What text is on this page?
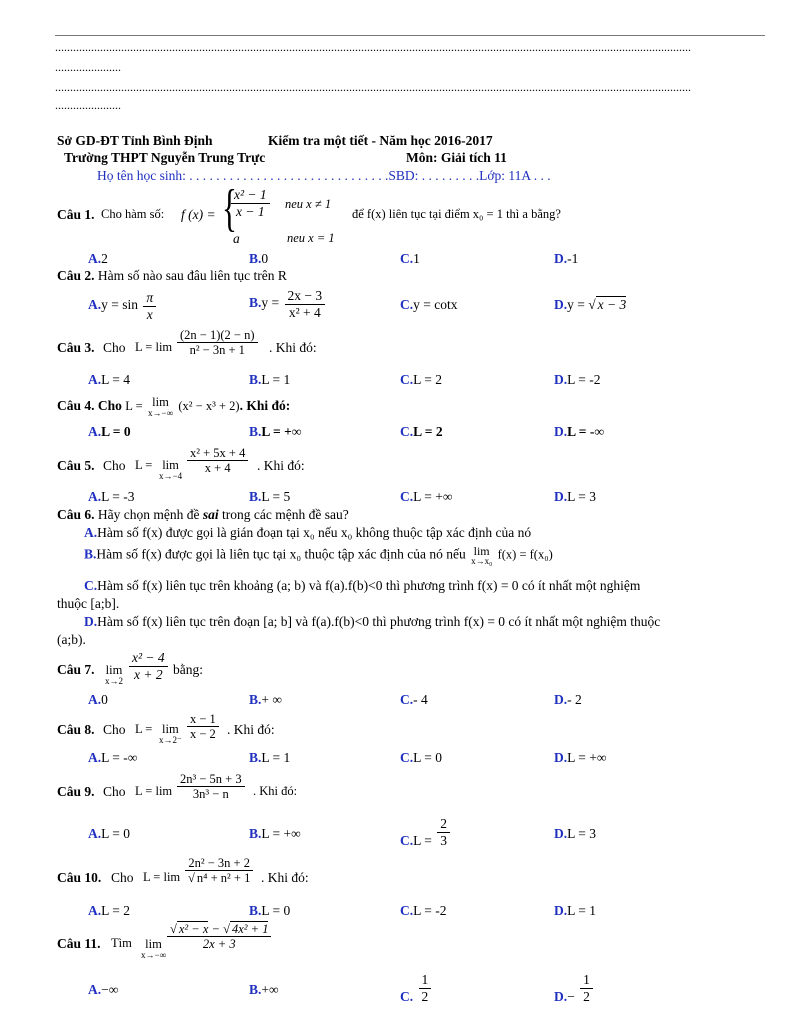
....................................................................................................................................................................................................................
......................
....................................................................................................................................................................................................................
......................
Sở GD-ĐT Tỉnh Bình Định	Kiểm tra một tiết - Năm học 2016-2017
Trường THPT Nguyễn Trung Trực	Môn: Giải tích 11
Họ tên học sinh: . . . . . . . . . . . . . . . . . . . . . . . . . . . . . .SBD: . . . . . . . . .Lớp: 11A . . .
Câu 1. Cho hàm số: f (x) = {
$\frac{\text{x² − 1}}{x - 1}$ neu x ≠ 1
a	neu x = 1
để f(x) liên tục tại điểm x₀ = 1 thì a bằng?
A.2	B.0	C.1	D.-1
Câu 2. Hàm số nào sau đâu liên tục trên R
$A.y = \sin \frac{\pi}{x}$	$B.y = \frac{2x - 3}{\text{x² + 4}}$	C.y = cotx	D.y = √ x − 3
Câu 3. Cho $L = \lim \frac{(2n - 1)(2 - n)}{\text{n² − 3n + 1}}$ . Khi đó:
A.L = 4	B.L = 1	C.L = 2	D.L = -2
Câu 4. Cho L = lim
x→−∞ (x² − x³ + 2). Khi đó:
A.L = 0	B.L = +∞	C.L = 2	D.L = -∞
Câu 5. Cho L = lim
$x\to-4 \frac{\text{x² + 5x + 4}}{x + 4}$ . Khi đó:
A.L = -3	B.L = 5	C.L = +∞	D.L = 3
Câu 6. Hãy chọn mệnh đề sai trong các mệnh đề sau?
A.Hàm số f(x) được gọi là gián đoạn tại x₀ nếu x₀ không thuộc tập xác định của nó
B.Hàm số f(x) được gọi là liên tục tại x₀ thuộc tập xác định của nó nếu lim
x→x₀ f(x) = f(x₀)
C.Hàm số f(x) liên tục trên khoảng (a; b) và f(a).f(b)<0 thì phương trình f(x) = 0 có ít nhất một nghiệm
thuộc [a;b].
D.Hàm số f(x) liên tục trên đoạn [a; b] và f(a).f(b)<0 thì phương trình f(x) = 0 có ít nhất một nghiệm thuộc
(a;b).
Câu 7. lim
$x\to 2 \frac{\text{x² − 4}}{x + 2}$ bằng:
A.0	B.+ ∞	C.- 4	D.- 2
Câu 8. Cho L = lim
$x\to 2^- \frac{x - 1}{x - 2}$ . Khi đó:
A.L = -∞	B.L = 1	C.L = 0	D.L = +∞
Câu 9. Cho $L = \lim \frac{\text{2n³ − 5n + 3}}{\text{3n³ − n}}$ . Khi đó:
A.L = 0	B.L = +∞	$C.L = \frac{2}{3}$	D.L = 3
Câu 10. Cho $L = \lim \frac{\text{2n² − 3n + 2}}{\text{√ n⁴ + n² + 1}}$ . Khi đó:
A.L = 2	B.L = 0	C.L = -2	D.L = 1
Câu 11. Tìm	lim
x→−∞
$\frac{\text{√ x² − x − √ 4x² + 1}}{2x + 3}$
A.−∞	B.+∞	C. $\frac{1}{2}$	$D.- \frac{1}{2}$
